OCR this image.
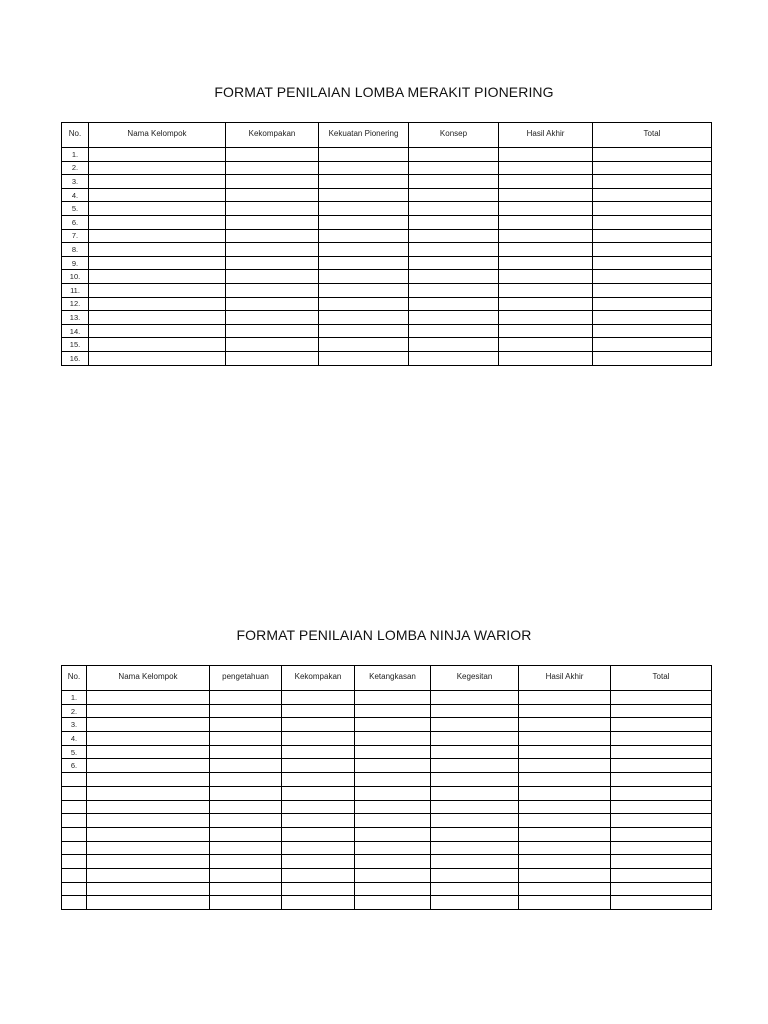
FORMAT PENILAIAN LOMBA MERAKIT PIONERING
No.	Nama Kelompok	Kekompakan	Kekuatan Pionering	Konsep	Hasil Akhir	Total
1.						
2.						
3.						
4.						
5.						
6.						
7.						
8.						
9.						
10.						
11.						
12.						
13.						
14.						
15.						
16.						
FORMAT PENILAIAN LOMBA NINJA WARIOR
No.	Nama Kelompok	pengetahuan	Kekompakan	Ketangkasan	Kegesitan	Hasil Akhir	Total
1.							
2.							
3.							
4.							
5.							
6.							
